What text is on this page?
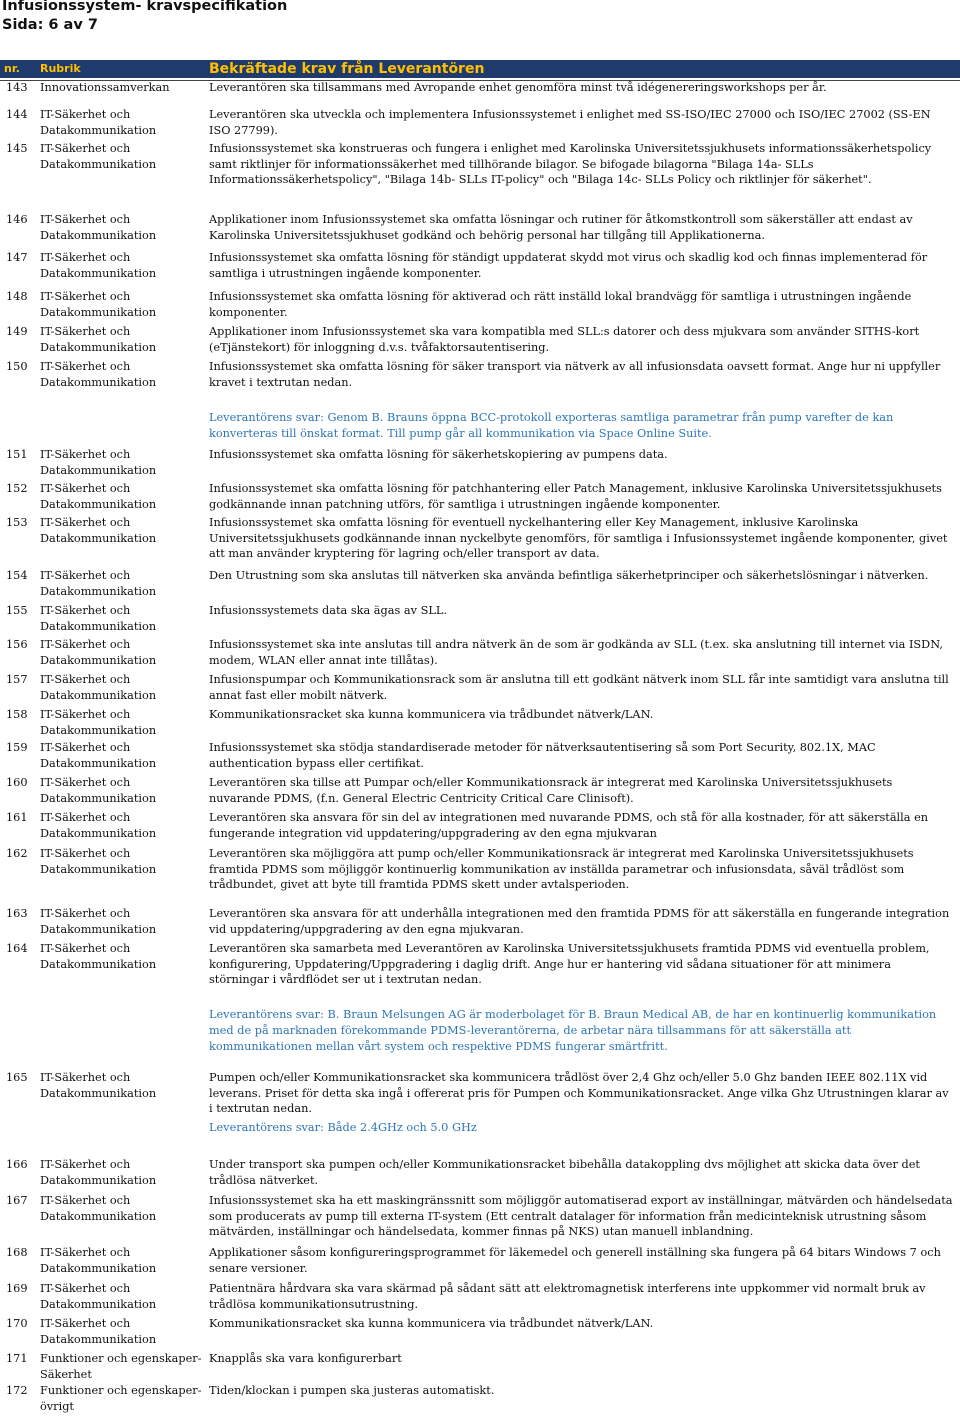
Infusionssystem- kravspecifikation
Sida: 6 av 7
nr. Rubrik	Bekräftade krav från Leverantören
143 Innovationssamverkan	Leverantören ska tillsammans med Avropande enhet genomföra minst två idégenereringsworkshops per år.
144 IT-Säkerhet och Datakommunikation
Leverantören ska utveckla och implementera Infusionssystemet i enlighet med SS-ISO/IEC 27000 och ISO/IEC 27002 (SS-EN ISO 27799).
145 IT-Säkerhet och Datakommunikation
Infusionssystemet ska konstrueras och fungera i enlighet med Karolinska Universitetssjukhusets informationssäkerhetspolicy samt riktlinjer för informationssäkerhet med tillhörande bilagor. Se bifogade bilagorna "Bilaga 14a- SLLs Informationssäkerhetspolicy", "Bilaga 14b- SLLs IT-policy" och "Bilaga 14c- SLLs Policy och riktlinjer för säkerhet".
146 IT-Säkerhet och Datakommunikation
Applikationer inom Infusionssystemet ska omfatta lösningar och rutiner för åtkomstkontroll som säkerställer att endast av Karolinska Universitetssjukhuset godkänd och behörig personal har tillgång till Applikationerna.
147 IT-Säkerhet och Datakommunikation
Infusionssystemet ska omfatta lösning för ständigt uppdaterat skydd mot virus och skadlig kod och finnas implementerad för samtliga i utrustningen ingående komponenter.
148 IT-Säkerhet och Datakommunikation
Infusionssystemet ska omfatta lösning för aktiverad och rätt inställd lokal brandvägg för samtliga i utrustningen ingående komponenter.
149 IT-Säkerhet och Datakommunikation
Applikationer inom Infusionssystemet ska vara kompatibla med SLL:s datorer och dess mjukvara som använder SITHS-kort (eTjänstekort) för inloggning d.v.s. tvåfaktorsautentisering.
150 IT-Säkerhet och Datakommunikation
Infusionssystemet ska omfatta lösning för säker transport via nätverk av all infusionsdata oavsett format. Ange hur ni uppfyller kravet i textrutan nedan.
151 IT-Säkerhet och Datakommunikation
Infusionssystemet ska omfatta lösning för säkerhetskopiering av pumpens data.
152 IT-Säkerhet och Datakommunikation
Infusionssystemet ska omfatta lösning för patchhantering eller Patch Management, inklusive Karolinska Universitetssjukhusets godkännande innan patchning utförs, för samtliga i utrustningen ingående komponenter.
153 IT-Säkerhet och Datakommunikation
Infusionssystemet ska omfatta lösning för eventuell nyckelhantering eller Key Management, inklusive Karolinska Universitetssjukhusets godkännande innan nyckelbyte genomförs, för samtliga i Infusionssystemet ingående komponenter, givet att man använder kryptering för lagring och/eller transport av data.
154 IT-Säkerhet och Datakommunikation
Den Utrustning som ska anslutas till nätverken ska använda befintliga säkerhetprinciper och säkerhetslösningar i nätverken.
155 IT-Säkerhet och Datakommunikation
Infusionssystemets data ska ägas av SLL.
156 IT-Säkerhet och Datakommunikation
Infusionssystemet ska inte anslutas till andra nätverk än de som är godkända av SLL (t.ex. ska anslutning till internet via ISDN, modem, WLAN eller annat inte tillåtas).
157 IT-Säkerhet och Datakommunikation
Infusionspumpar och Kommunikationsrack som är anslutna till ett godkänt nätverk inom SLL får inte samtidigt vara anslutna till annat fast eller mobilt nätverk.
158 IT-Säkerhet och Datakommunikation
Kommunikationsracket ska kunna kommunicera via trådbundet nätverk/LAN.
159 IT-Säkerhet och Datakommunikation
Infusionssystemet ska stödja standardiserade metoder för nätverksautentisering så som Port Security, 802.1X, MAC authentication bypass eller certifikat.
160 IT-Säkerhet och Datakommunikation
Leverantören ska tillse att Pumpar och/eller Kommunikationsrack är integrerat med Karolinska Universitetssjukhusets nuvarande PDMS, (f.n. General Electric Centricity Critical Care Clinisoft).
161 IT-Säkerhet och Datakommunikation
Leverantören ska ansvara för sin del av integrationen med nuvarande PDMS, och stå för alla kostnader, för att säkerställa en fungerande integration vid uppdatering/uppgradering av den egna mjukvaran
162 IT-Säkerhet och Datakommunikation
Leverantören ska möjliggöra att pump och/eller Kommunikationsrack är integrerat med Karolinska Universitetssjukhusets framtida PDMS som möjliggör kontinuerlig kommunikation av inställda parametrar och infusionsdata, såväl trådlöst som trådbundet, givet att byte till framtida PDMS skett under avtalsperioden.
163 IT-Säkerhet och Datakommunikation
Leverantören ska ansvara för att underhålla integrationen med den framtida PDMS för att säkerställa en fungerande integration vid uppdatering/uppgradering av den egna mjukvaran.
164 IT-Säkerhet och Datakommunikation
Leverantören ska samarbeta med Leverantören av Karolinska Universitetssjukhusets framtida PDMS vid eventuella problem, konfigurering, Uppdatering/Uppgradering i daglig drift. Ange hur er hantering vid sådana situationer för att minimera störningar i vårdflödet ser ut i textrutan nedan.
165 IT-Säkerhet och Datakommunikation
Pumpen och/eller Kommunikationsracket ska kommunicera trådlöst över 2,4 Ghz och/eller 5.0 Ghz banden IEEE 802.11X vid leverans. Priset för detta ska ingå i offererat pris för Pumpen och Kommunikationsracket. Ange vilka Ghz Utrustningen klarar av i textrutan nedan.
166 IT-Säkerhet och Datakommunikation
Under transport ska pumpen och/eller Kommunikationsracket bibehålla datakoppling dvs möjlighet att skicka data över det trådlösa nätverket.
167 IT-Säkerhet och Datakommunikation
Infusionssystemet ska ha ett maskingränssnitt som möjliggör automatiserad export av inställningar, mätvärden och händelsedata som producerats av pump till externa IT-system (Ett centralt datalager för information från medicinteknisk utrustning såsom mätvärden, inställningar och händelsedata, kommer finnas på NKS) utan manuell inblandning.
168 IT-Säkerhet och Datakommunikation
Applikationer såsom konfigureringsprogrammet för läkemedel och generell inställning ska fungera på 64 bitars Windows 7 och senare versioner.
169 IT-Säkerhet och Datakommunikation
Patientnära hårdvara ska vara skärmad på sådant sätt att elektromagnetisk interferens inte uppkommer vid normalt bruk av trådlösa kommunikationsutrustning.
170 IT-Säkerhet och Datakommunikation
Kommunikationsracket ska kunna kommunicera via trådbundet nätverk/LAN.
171 Funktioner och egenskaper- Säkerhet
Knapplås ska vara konfigurerbart
172 Funktioner och egenskaper- övrigt
Tiden/klockan i pumpen ska justeras automatiskt.
Leverantörens svar: Genom B. Brauns öppna BCC-protokoll exporteras samtliga parametrar från pump varefter de kan konverteras till önskat format. Till pump går all kommunikation via Space Online Suite.
Leverantörens svar: B. Braun Melsungen AG är moderbolaget för B. Braun Medical AB, de har en kontinuerlig kommunikation med de på marknaden förekommande PDMS-leverantörerna, de arbetar nära tillsammans för att säkerställa att kommunikationen mellan vårt system och respektive PDMS fungerar smärtfritt.
Leverantörens svar: Både 2.4GHz och 5.0 GHz
